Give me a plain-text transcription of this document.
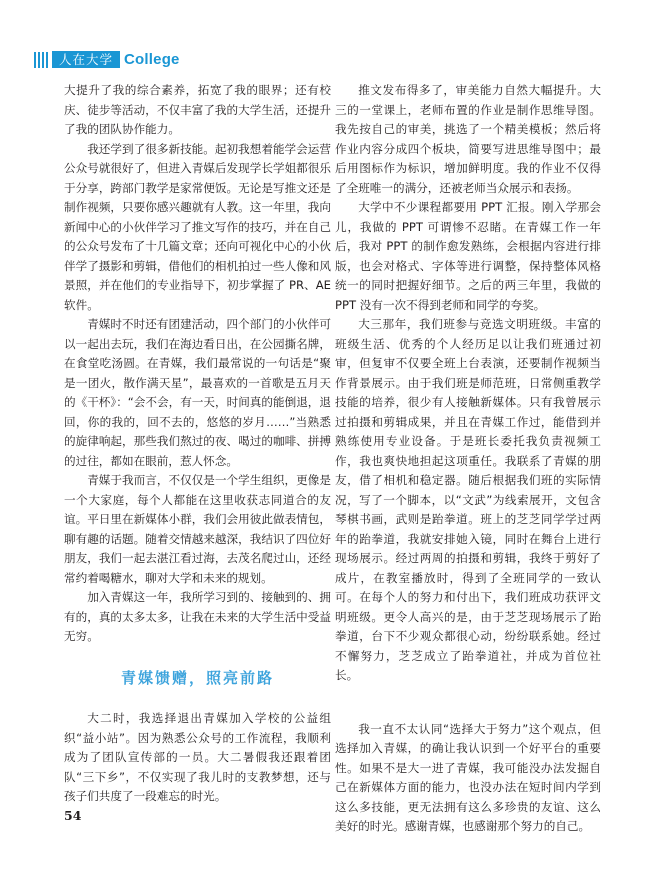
人在大学 College

大提升了我的综合素养，拓宽了我的眼界；还有校庆、徒步等活动，不仅丰富了我的大学生活，还提升了我的团队协作能力。

我还学到了很多新技能。起初我想着能学会运营公众号就很好了，但进入青媒后发现学长学姐都很乐于分享，跨部门教学是家常便饭。无论是写推文还是制作视频，只要你感兴趣就有人教。这一年里，我向新闻中心的小伙伴学习了推文写作的技巧，并在自己的公众号发布了十几篇文章；还向可视化中心的小伙伴学了摄影和剪辑，借他们的相机拍过一些人像和风景照，并在他们的专业指导下，初步掌握了 PR、AE 软件。

青媒时不时还有团建活动，四个部门的小伙伴可以一起出去玩，我们在海边看日出，在公园撕名牌，在食堂吃汤圆。在青媒，我们最常说的一句话是“聚是一团火，散作满天星”，最喜欢的一首歌是五月天的《干杯》：“会不会，有一天，时间真的能倒退，退回，你的我的，回不去的，悠悠的岁月……”当熟悉的旋律响起，那些我们熬过的夜、喝过的咖啡、拼搏的过往，都如在眼前，惹人怀念。

青媒于我而言，不仅仅是一个学生组织，更像是一个大家庭，每个人都能在这里收获志同道合的友谊。平日里在新媒体小群，我们会用彼此做表情包，聊有趣的话题。随着交情越来越深，我结识了四位好朋友，我们一起去湛江看过海，去茂名爬过山，还经常约着喝糖水，聊对大学和未来的规划。

加入青媒这一年，我所学习到的、接触到的、拥有的，真的太多太多，让我在未来的大学生活中受益无穷。

青媒馈赠，照亮前路

大二时，我选择退出青媒加入学校的公益组织“益小站”。因为熟悉公众号的工作流程，我顺利成为了团队宣传部的一员。大二暑假我还跟着团队“三下乡”，不仅实现了我儿时的支教梦想，还与孩子们共度了一段难忘的时光。

推文发布得多了，审美能力自然大幅提升。大三的一堂课上，老师布置的作业是制作思维导图。我先按自己的审美，挑选了一个精美模板；然后将作业内容分成四个板块，简要写进思维导图中；最后用图标作为标识，增加鲜明度。我的作业不仅得了全班唯一的满分，还被老师当众展示和表扬。

大学中不少课程都要用 PPT 汇报。刚入学那会儿，我做的 PPT 可谓惨不忍睹。在青媒工作一年后，我对 PPT 的制作愈发熟练，会根据内容进行排版，也会对格式、字体等进行调整，保持整体风格统一的同时把握好细节。之后的两三年里，我做的 PPT 没有一次不得到老师和同学的夸奖。

大三那年，我们班参与竞选文明班级。丰富的班级生活、优秀的个人经历足以让我们班通过初审，但复审不仅要全班上台表演，还要制作视频当作背景展示。由于我们班是师范班，日常侧重教学技能的培养，很少有人接触新媒体。只有我曾展示过拍摄和剪辑成果，并且在青媒工作过，能借到并熟练使用专业设备。于是班长委托我负责视频工作，我也爽快地担起这项重任。我联系了青媒的朋友，借了相机和稳定器。随后根据我们班的实际情况，写了一个脚本，以“文武”为线索展开，文包含琴棋书画，武则是跆拳道。班上的芝芝同学学过两年的跆拳道，我就安排她入镜，同时在舞台上进行现场展示。经过两周的拍摄和剪辑，我终于剪好了成片，在教室播放时，得到了全班同学的一致认可。在每个人的努力和付出下，我们班成功获评文明班级。更令人高兴的是，由于芝芝现场展示了跆拳道，台下不少观众都很心动，纷纷联系她。经过不懈努力，芝芝成立了跆拳道社，并成为首位社长。

我一直不太认同“选择大于努力”这个观点，但选择加入青媒，的确让我认识到一个好平台的重要性。如果不是大一进了青媒，我可能没办法发掘自己在新媒体方面的能力，也没办法在短时间内学到这么多技能，更无法拥有这么多珍贵的友谊、这么美好的时光。感谢青媒，也感谢那个努力的自己。

54
